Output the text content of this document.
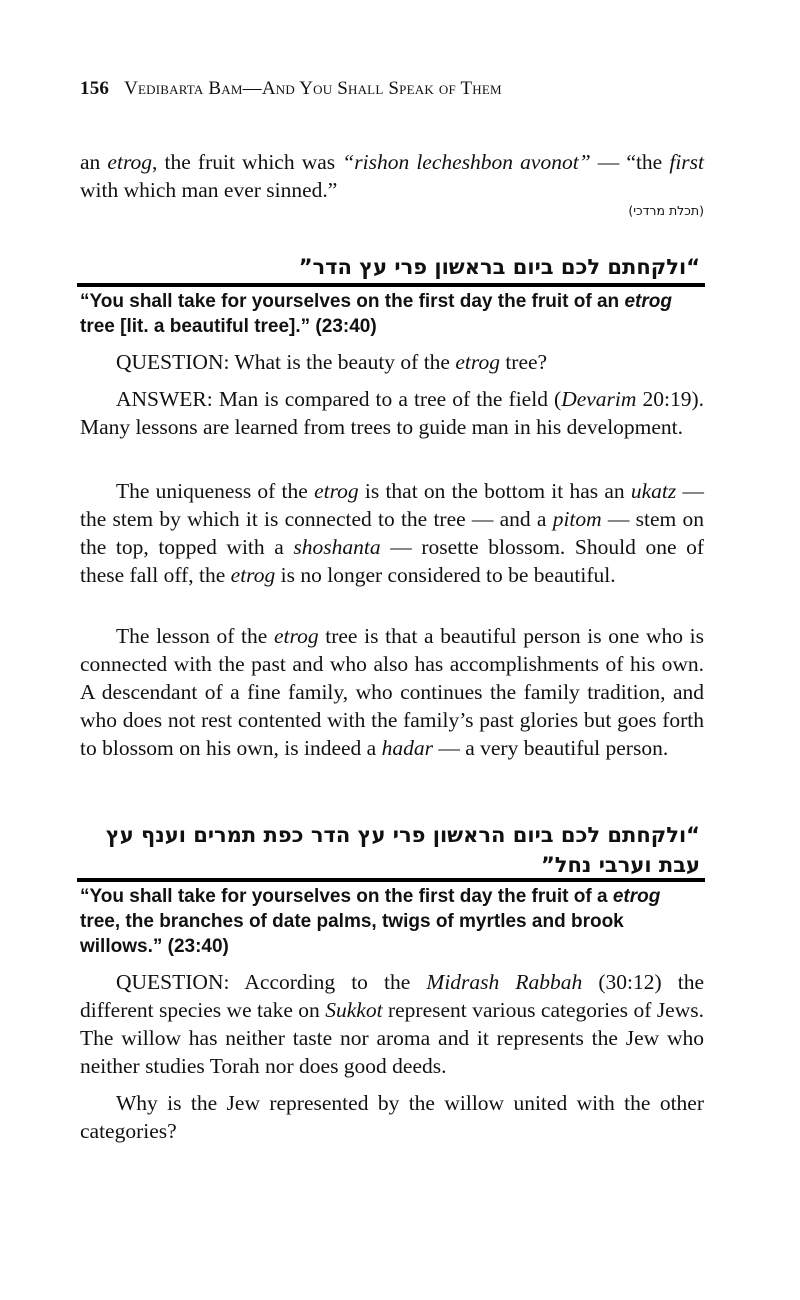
156 Vedibarta Bam—And You Shall Speak of Them

an etrog, the fruit which was “rishon lecheshbon avonot” — “the first with which man ever sinned.”

(תכלת מרדכי)
“ולקחתם לכם ביום בראשון פרי עץ הדר”
“You shall take for yourselves on the first day the fruit of an etrog tree [lit. a beautiful tree].” (23:40)

QUESTION: What is the beauty of the etrog tree?

ANSWER: Man is compared to a tree of the field (Devarim 20:19). Many lessons are learned from trees to guide man in his development.

The uniqueness of the etrog is that on the bottom it has an ukatz — the stem by which it is connected to the tree — and a pitom — stem on the top, topped with a shoshanta — rosette blossom. Should one of these fall off, the etrog is no longer considered to be beautiful.

The lesson of the etrog tree is that a beautiful person is one who is connected with the past and who also has accomplishments of his own. A descendant of a fine family, who continues the family tradition, and who does not rest contented with the family’s past glories but goes forth to blossom on his own, is indeed a hadar — a very beautiful person.

“ולקחתם לכם ביום הראשון פרי עץ הדר כפת תמרים וענף עץ
עבת וערבי נחל”
“You shall take for yourselves on the first day the fruit of a etrog tree, the branches of date palms, twigs of myrtles and brook willows.” (23:40)

QUESTION: According to the Midrash Rabbah (30:12) the different species we take on Sukkot represent various categories of Jews. The willow has neither taste nor aroma and it represents the Jew who neither studies Torah nor does good deeds.

Why is the Jew represented by the willow united with the other categories?
